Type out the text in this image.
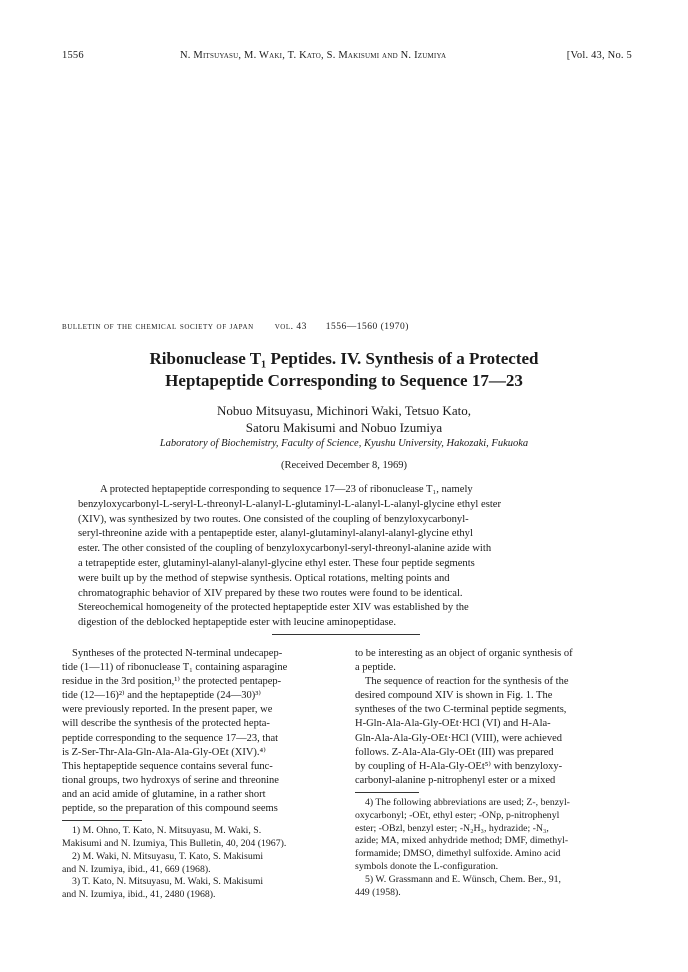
1556	N. Mitsuyasu, M. Waki, T. Kato, S. Makisumi and N. Izumiya	[Vol. 43, No. 5
bulletin of the chemical society of japan vol. 43 1556—1560 (1970)
Ribonuclease T₁ Peptides. IV. Synthesis of a Protected
Heptapeptide Corresponding to Sequence 17—23
Nobuo Mitsuyasu, Michinori Waki, Tetsuo Kato,
Satoru Makisumi and Nobuo Izumiya
Laboratory of Biochemistry, Faculty of Science, Kyushu University, Hakozaki, Fukuoka
(Received December 8, 1969)
A protected heptapeptide corresponding to sequence 17—23 of ribonuclease T₁, namely
benzyloxycarbonyl-L-seryl-L-threonyl-L-alanyl-L-glutaminyl-L-alanyl-L-alanyl-glycine ethyl ester
(XIV), was synthesized by two routes. One consisted of the coupling of benzyloxycarbonyl-
seryl-threonine azide with a pentapeptide ester, alanyl-glutaminyl-alanyl-alanyl-glycine ethyl
ester. The other consisted of the coupling of benzyloxycarbonyl-seryl-threonyl-alanine azide with
a tetrapeptide ester, glutaminyl-alanyl-alanyl-glycine ethyl ester. These four peptide segments
were built up by the method of stepwise synthesis. Optical rotations, melting points and
chromatographic behavior of XIV prepared by these two routes were found to be identical.
Stereochemical homogeneity of the protected heptapeptide ester XIV was established by the
digestion of the deblocked heptapeptide ester with leucine aminopeptidase.
Syntheses of the protected N-terminal undecapep-
tide (1—11) of ribonuclease T₁ containing asparagine
residue in the 3rd position,¹⁾ the protected pentapep-
tide (12—16)²⁾ and the heptapeptide (24—30)³⁾
were previously reported. In the present paper, we
will describe the synthesis of the protected hepta-
peptide corresponding to the sequence 17—23, that
is Z-Ser-Thr-Ala-Gln-Ala-Ala-Gly-OEt (XIV).⁴⁾
This heptapeptide sequence contains several func-
tional groups, two hydroxys of serine and threonine
and an acid amide of glutamine, in a rather short
peptide, so the preparation of this compound seems
1) M. Ohno, T. Kato, N. Mitsuyasu, M. Waki, S.
Makisumi and N. Izumiya, This Bulletin, 40, 204 (1967).
2) M. Waki, N. Mitsuyasu, T. Kato, S. Makisumi
and N. Izumiya, ibid., 41, 669 (1968).
3) T. Kato, N. Mitsuyasu, M. Waki, S. Makisumi
and N. Izumiya, ibid., 41, 2480 (1968).
to be interesting as an object of organic synthesis of
a peptide.
The sequence of reaction for the synthesis of the
desired compound XIV is shown in Fig. 1. The
syntheses of the two C-terminal peptide segments,
H-Gln-Ala-Ala-Gly-OEt·HCl (VI) and H-Ala-
Gln-Ala-Ala-Gly-OEt·HCl (VIII), were achieved
follows. Z-Ala-Ala-Gly-OEt (III) was prepared
by coupling of H-Ala-Gly-OEt⁵⁾ with benzyloxy-
carbonyl-alanine p-nitrophenyl ester or a mixed
4) The following abbreviations are used; Z-, benzyl-
oxycarbonyl; -OEt, ethyl ester; -ONp, p-nitrophenyl
ester; -OBzl, benzyl ester; -N₂H₃, hydrazide; -N₃,
azide; MA, mixed anhydride method; DMF, dimethyl-
formamide; DMSO, dimethyl sulfoxide. Amino acid
symbols donote the L-configuration.
5) W. Grassmann and E. Wünsch, Chem. Ber., 91,
449 (1958).
